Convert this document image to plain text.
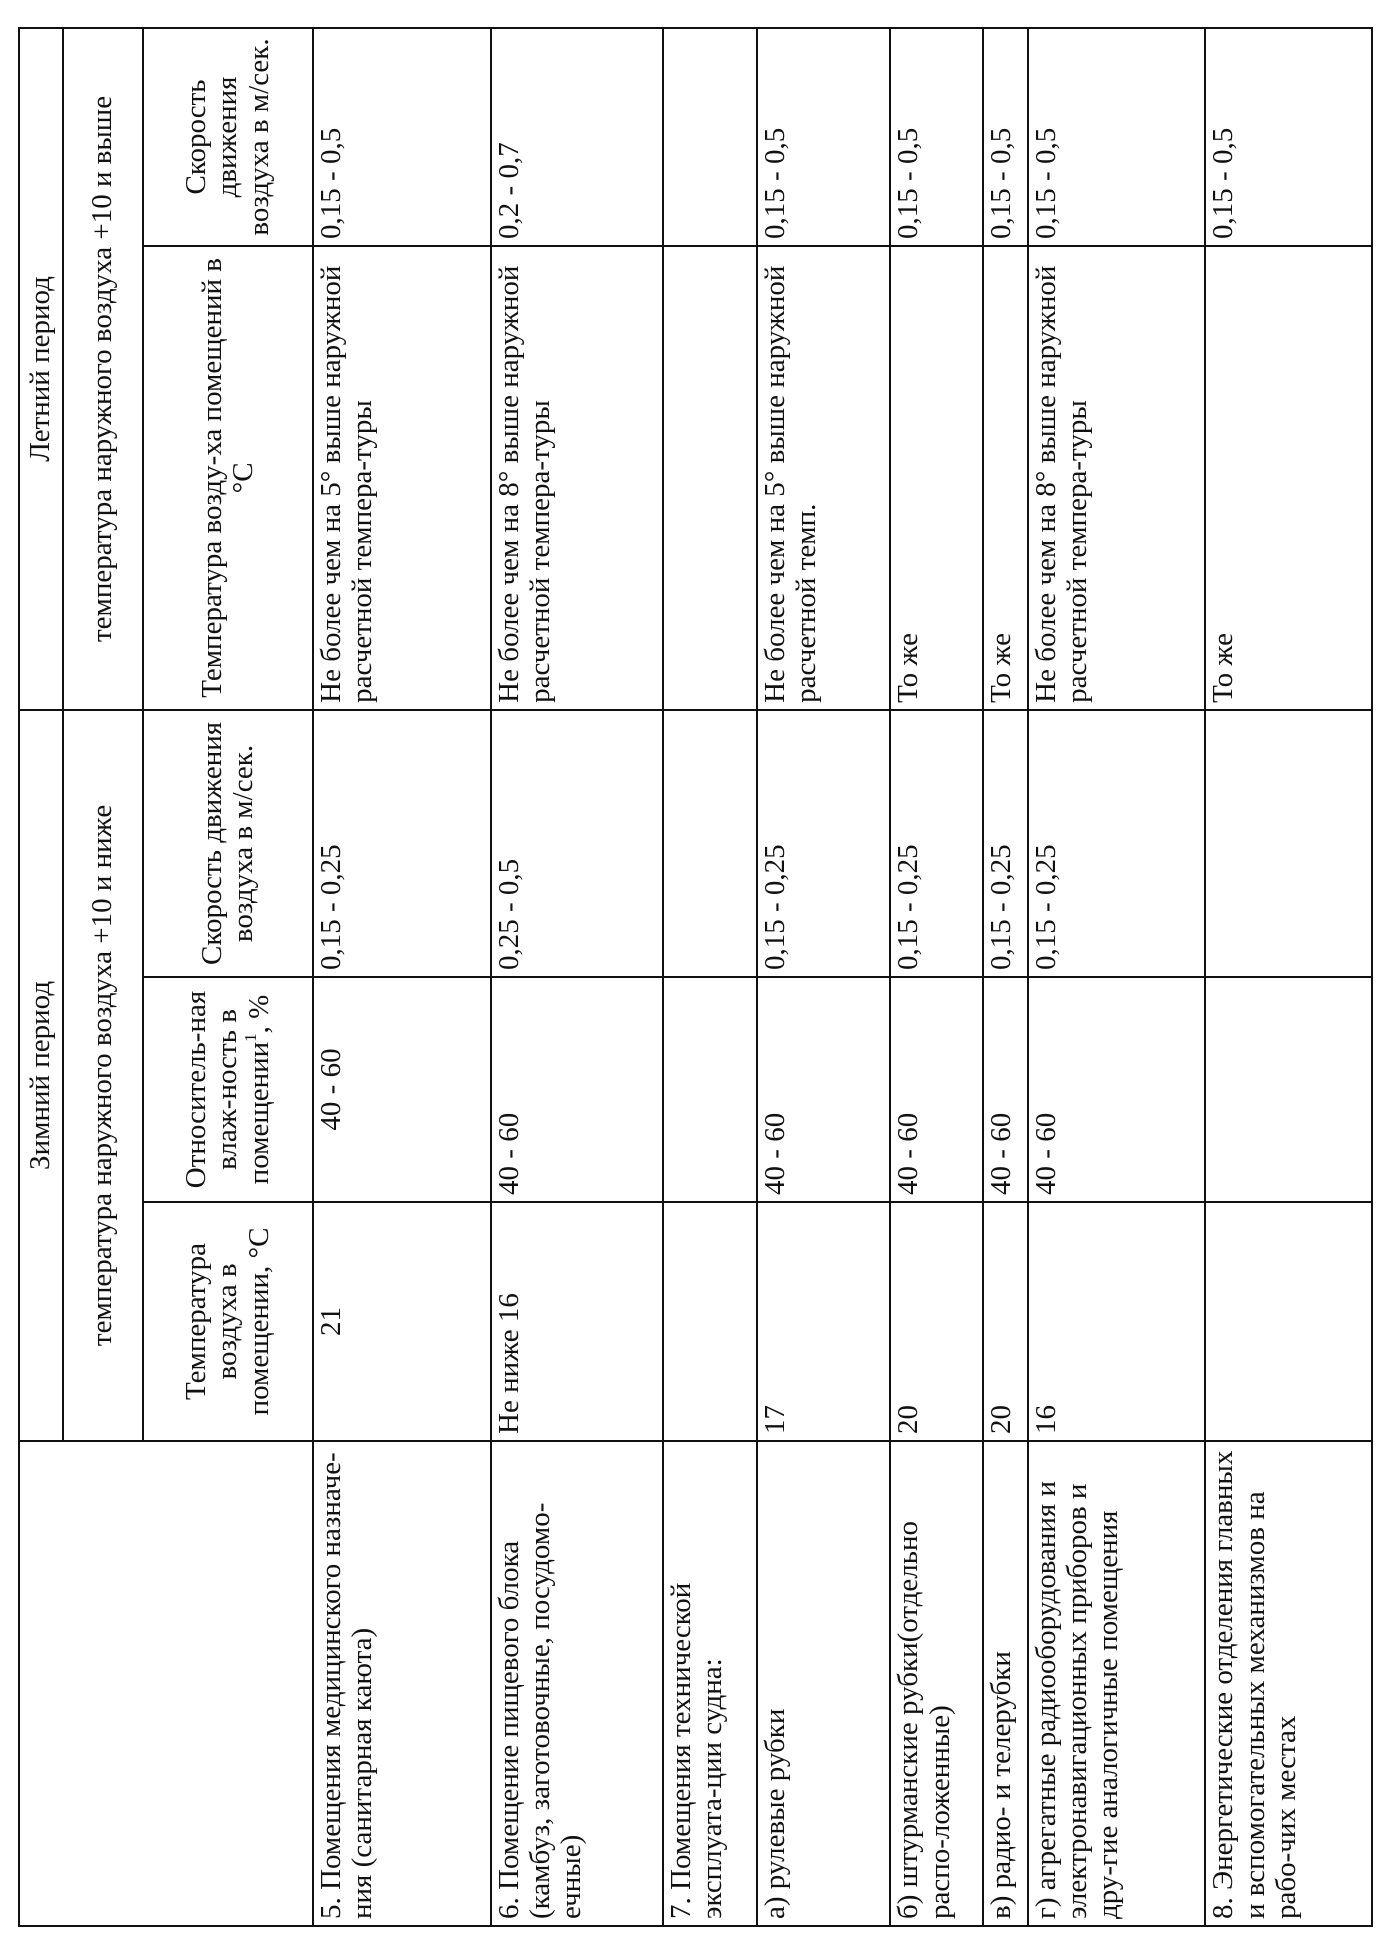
	Зимний период			Летний период	
	температура наружного воздуха +10 и ниже			температура наружного воздуха +10 и выше	
	Температура воздуха в помещении, °С	Относитель-ная влаж-ность в помещении$^1$, %	Скорость движения воздуха в м/сек.	Температура возду-ха помещений в °С	Скорость движения воздуха в м/сек.
5. Помещения медицинского назначе-ния (санитарная каюта)	21	40 - 60	0,15 - 0,25	Не более чем на 5° выше наружной расчетной темпера-туры	0,15 - 0,5
6. Помещение пищевого блока (камбуз, заготовочные, посудомо-ечные)	Не ниже 16	40 - 60	0,25 - 0,5	Не более чем на 8° выше наружной расчетной темпера-туры	0,2 - 0,7
7. Помещения технической эксплуата-ции судна:					
а) рулевые рубки	17	40 - 60	0,15 - 0,25	Не более чем на 5° выше наружной расчетной темп.	0,15 - 0,5
б) штурманские рубки(отдельно распо-ложенные)	20	40 - 60	0,15 - 0,25	То же	0,15 - 0,5
в) радио- и телерубки	20	40 - 60	0,15 - 0,25	То же	0,15 - 0,5
г) агрегатные радиооборудования и электронавигационных приборов и дру-гие аналогичные помещения	16	40 - 60	0,15 - 0,25	Не более чем на 8° выше наружной расчетной темпера-туры	0,15 - 0,5
8. Энергетические отделения главных и вспомогательных механизмов на рабо-чих местах				То же	0,15 - 0,5
